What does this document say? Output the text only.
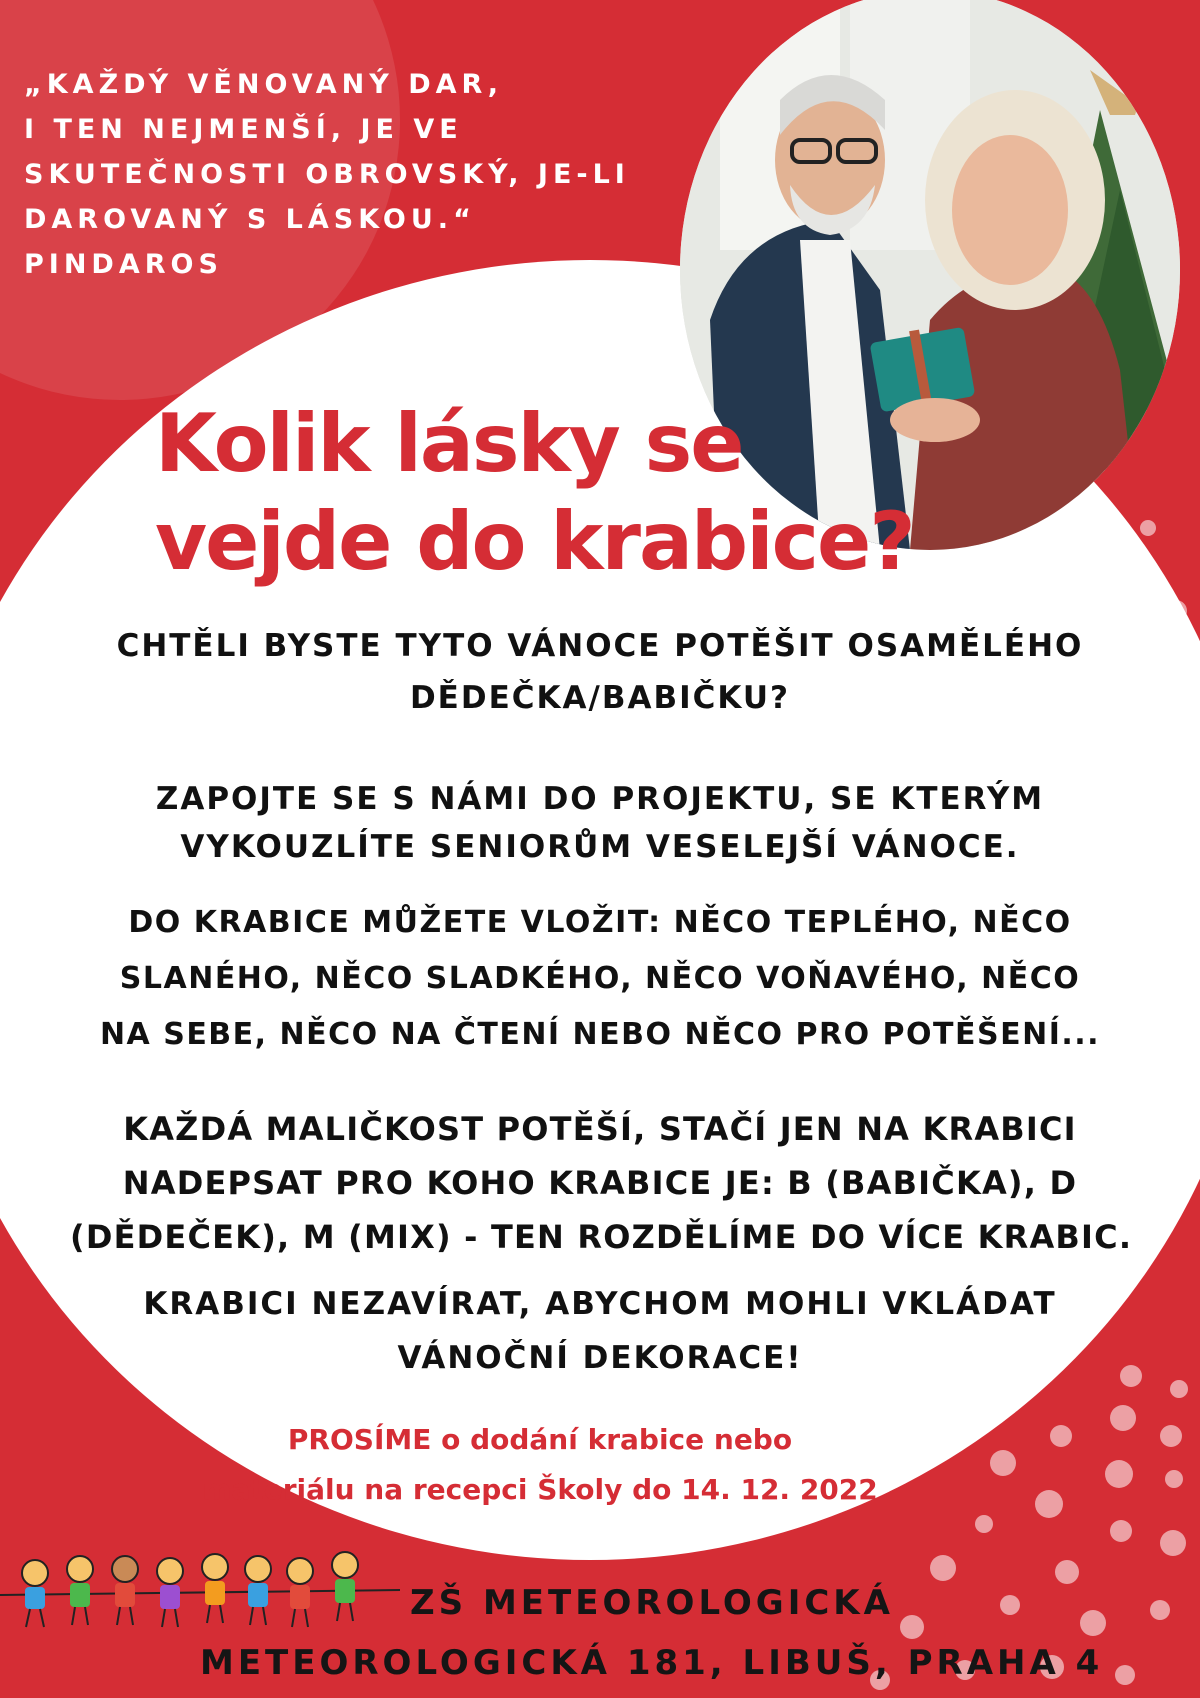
„KAŽDÝ VĚNOVANÝ DAR,
I TEN NEJMENŠÍ, JE VE
SKUTEČNOSTI OBROVSKÝ, JE-LI
DAROVANÝ S LÁSKOU.“
PINDAROS
Kolik lásky se
vejde do krabice?
CHTĚLI BYSTE TYTO VÁNOCE POTĚŠIT OSAMĚLÉHO
DĚDEČKA/BABIČKU?
ZAPOJTE SE S NÁMI DO PROJEKTU, SE KTERÝM
VYKOUZLÍTE SENIORŮM VESELEJŠÍ VÁNOCE.
DO KRABICE MŮŽETE VLOŽIT: NĚCO TEPLÉHO, NĚCO
SLANÉHO, NĚCO SLADKÉHO, NĚCO VOŇAVÉHO, NĚCO
NA SEBE, NĚCO NA ČTENÍ NEBO NĚCO PRO POTĚŠENÍ...
KAŽDÁ MALIČKOST POTĚŠÍ, STAČÍ JEN NA KRABICI
NADEPSAT PRO KOHO KRABICE JE: B (BABIČKA), D
(DĚDEČEK), M (MIX) - TEN ROZDĚLÍME DO VÍCE KRABIC.
KRABICI NEZAVÍRAT, ABYCHOM MOHLI VKLÁDAT
VÁNOČNÍ DEKORACE!
PROSÍME o dodání krabice nebo
materiálu na recepci Školy do 14. 12. 2022
ZŠ METEOROLOGICKÁ
METEOROLOGICKÁ 181, LIBUŠ, PRAHA 4
